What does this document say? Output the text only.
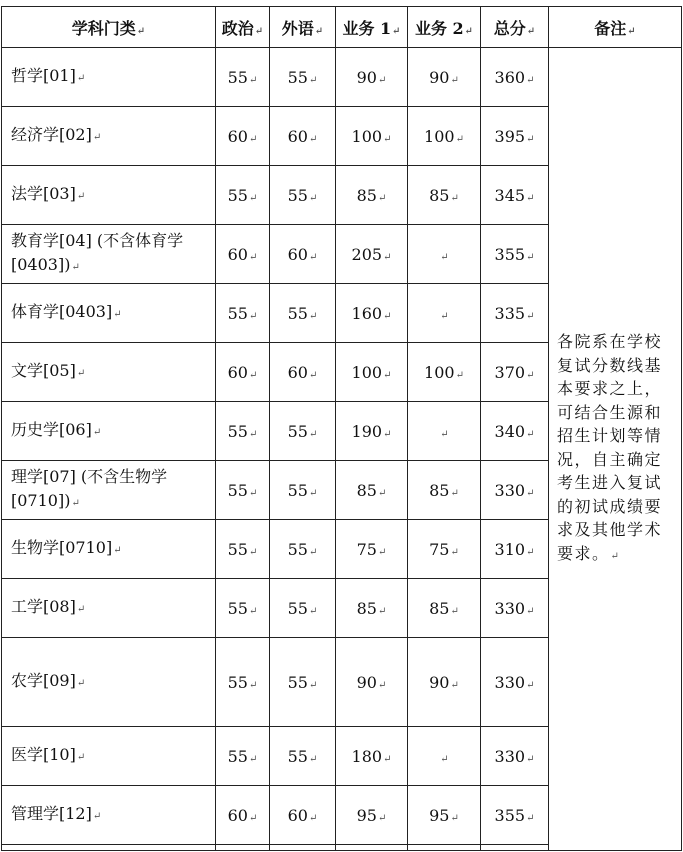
学科门类 ↵	政治 ↵	外语 ↵	业务 1 ↵	业务 2 ↵	总分 ↵	备注 ↵
哲学[01] ↵	55 ↵	55 ↵	90 ↵	90 ↵	360 ↵	各院系在学校复试分数线基本要求之上，可结合生源和招生计划等情况，自主确定考生进入复试的初试成绩要求及其他学术要求。 ↵
经济学[02] ↵	60 ↵	60 ↵	100 ↵	100 ↵	395 ↵
法学[03] ↵	55 ↵	55 ↵	85 ↵	85 ↵	345 ↵
教育学[04] (不含体育学[0403]) ↵	60 ↵	60 ↵	205 ↵	↵	355 ↵
体育学[0403] ↵	55 ↵	55 ↵	160 ↵	↵	335 ↵
文学[05] ↵	60 ↵	60 ↵	100 ↵	100 ↵	370 ↵
历史学[06] ↵	55 ↵	55 ↵	190 ↵	↵	340 ↵
理学[07] (不含生物学[0710]) ↵	55 ↵	55 ↵	85 ↵	85 ↵	330 ↵
生物学[0710] ↵	55 ↵	55 ↵	75 ↵	75 ↵	310 ↵
工学[08] ↵	55 ↵	55 ↵	85 ↵	85 ↵	330 ↵
农学[09] ↵	55 ↵	55 ↵	90 ↵	90 ↵	330 ↵
医学[10] ↵	55 ↵	55 ↵	180 ↵	↵	330 ↵
管理学[12] ↵	60 ↵	60 ↵	95 ↵	95 ↵	355 ↵
